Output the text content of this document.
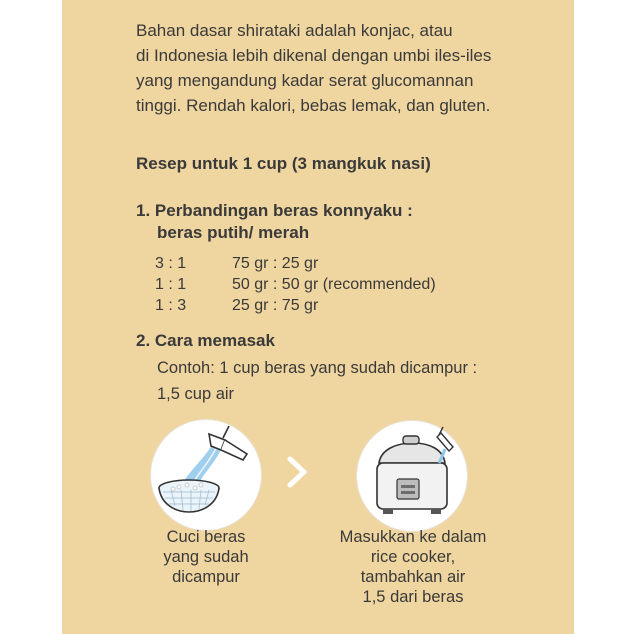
Bahan dasar shirataki adalah konjac, atau
di Indonesia lebih dikenal dengan umbi iles-iles
yang mengandung kadar serat glucomannan
tinggi. Rendah kalori, bebas lemak, dan gluten.

Resep untuk 1 cup (3 mangkuk nasi)
1. Perbandingan beras konnyaku :
beras putih/ merah
3 : 1	75 gr : 25 gr
1 : 1	50 gr : 50 gr (recommended)
1 : 3	25 gr : 75 gr
2. Cara memasak
Contoh: 1 cup beras yang sudah dicampur :
1,5 cup air
Cuci beras
yang sudah
dicampur
Masukkan ke dalam
rice cooker,
tambahkan air
1,5 dari beras
